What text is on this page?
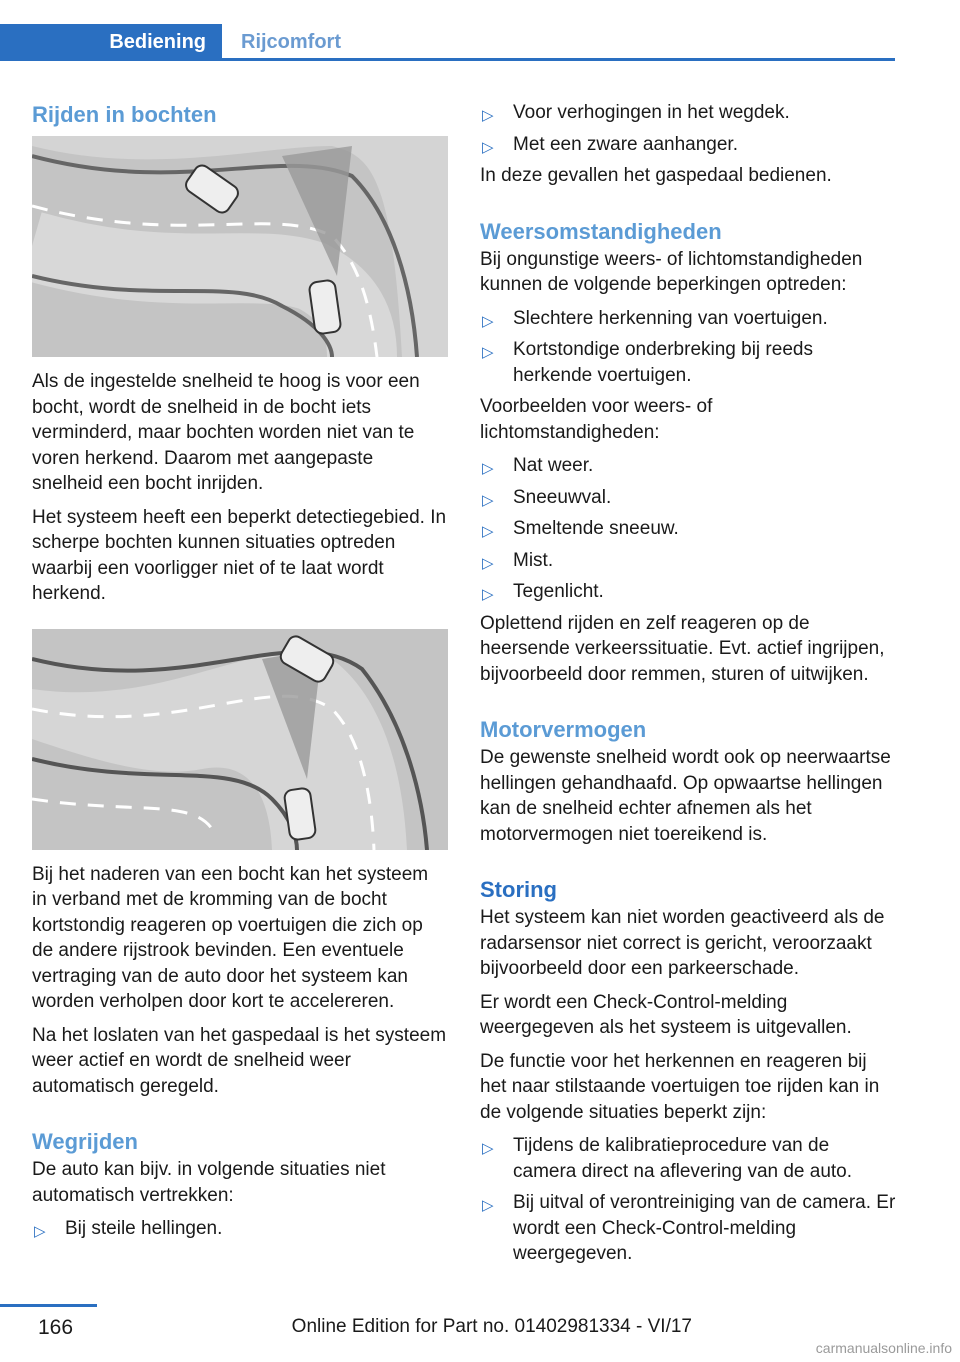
Bediening	Rijcomfort
Rijden in bochten

Als de ingestelde snelheid te hoog is voor een bocht, wordt de snelheid in de bocht iets verminderd, maar bochten worden niet van te voren herkend. Daarom met aangepaste snelheid een bocht inrijden.

Het systeem heeft een beperkt detectiegebied. In scherpe bochten kunnen situaties optreden waarbij een voorligger niet of te laat wordt herkend.

Bij het naderen van een bocht kan het systeem in verband met de kromming van de bocht kortstondig reageren op voertuigen die zich op de andere rijstrook bevinden. Een eventuele vertraging van de auto door het systeem kan worden verholpen door kort te accelereren.

Na het loslaten van het gaspedaal is het systeem weer actief en wordt de snelheid weer automatisch geregeld.

Wegrijden

De auto kan bijv. in volgende situaties niet automatisch vertrekken:

▷ Bij steile hellingen.
▷ Voor verhogingen in het wegdek.
▷ Met een zware aanhanger.

In deze gevallen het gaspedaal bedienen.

Weersomstandigheden

Bij ongunstige weers- of lichtomstandigheden kunnen de volgende beperkingen optreden:

▷ Slechtere herkenning van voertuigen.
▷ Kortstondige onderbreking bij reeds herkende voertuigen.

Voorbeelden voor weers- of lichtomstandigheden:

▷ Nat weer.
▷ Sneeuwval.
▷ Smeltende sneeuw.
▷ Mist.
▷ Tegenlicht.

Oplettend rijden en zelf reageren op de heersende verkeerssituatie. Evt. actief ingrijpen, bijvoorbeeld door remmen, sturen of uitwijken.

Motorvermogen

De gewenste snelheid wordt ook op neerwaartse hellingen gehandhaafd. Op opwaartse hellingen kan de snelheid echter afnemen als het motorvermogen niet toereikend is.

Storing

Het systeem kan niet worden geactiveerd als de radarsensor niet correct is gericht, veroorzaakt bijvoorbeeld door een parkeerschade.

Er wordt een Check-Control-melding weergegeven als het systeem is uitgevallen.

De functie voor het herkennen en reageren bij het naar stilstaande voertuigen toe rijden kan in de volgende situaties beperkt zijn:

▷ Tijdens de kalibratieprocedure van de camera direct na aflevering van de auto.
▷ Bij uitval of verontreiniging van de camera. Er wordt een Check-Control-melding weergegeven.
166	Online Edition for Part no. 01402981334 - VI/17
carmanualsonline.info
